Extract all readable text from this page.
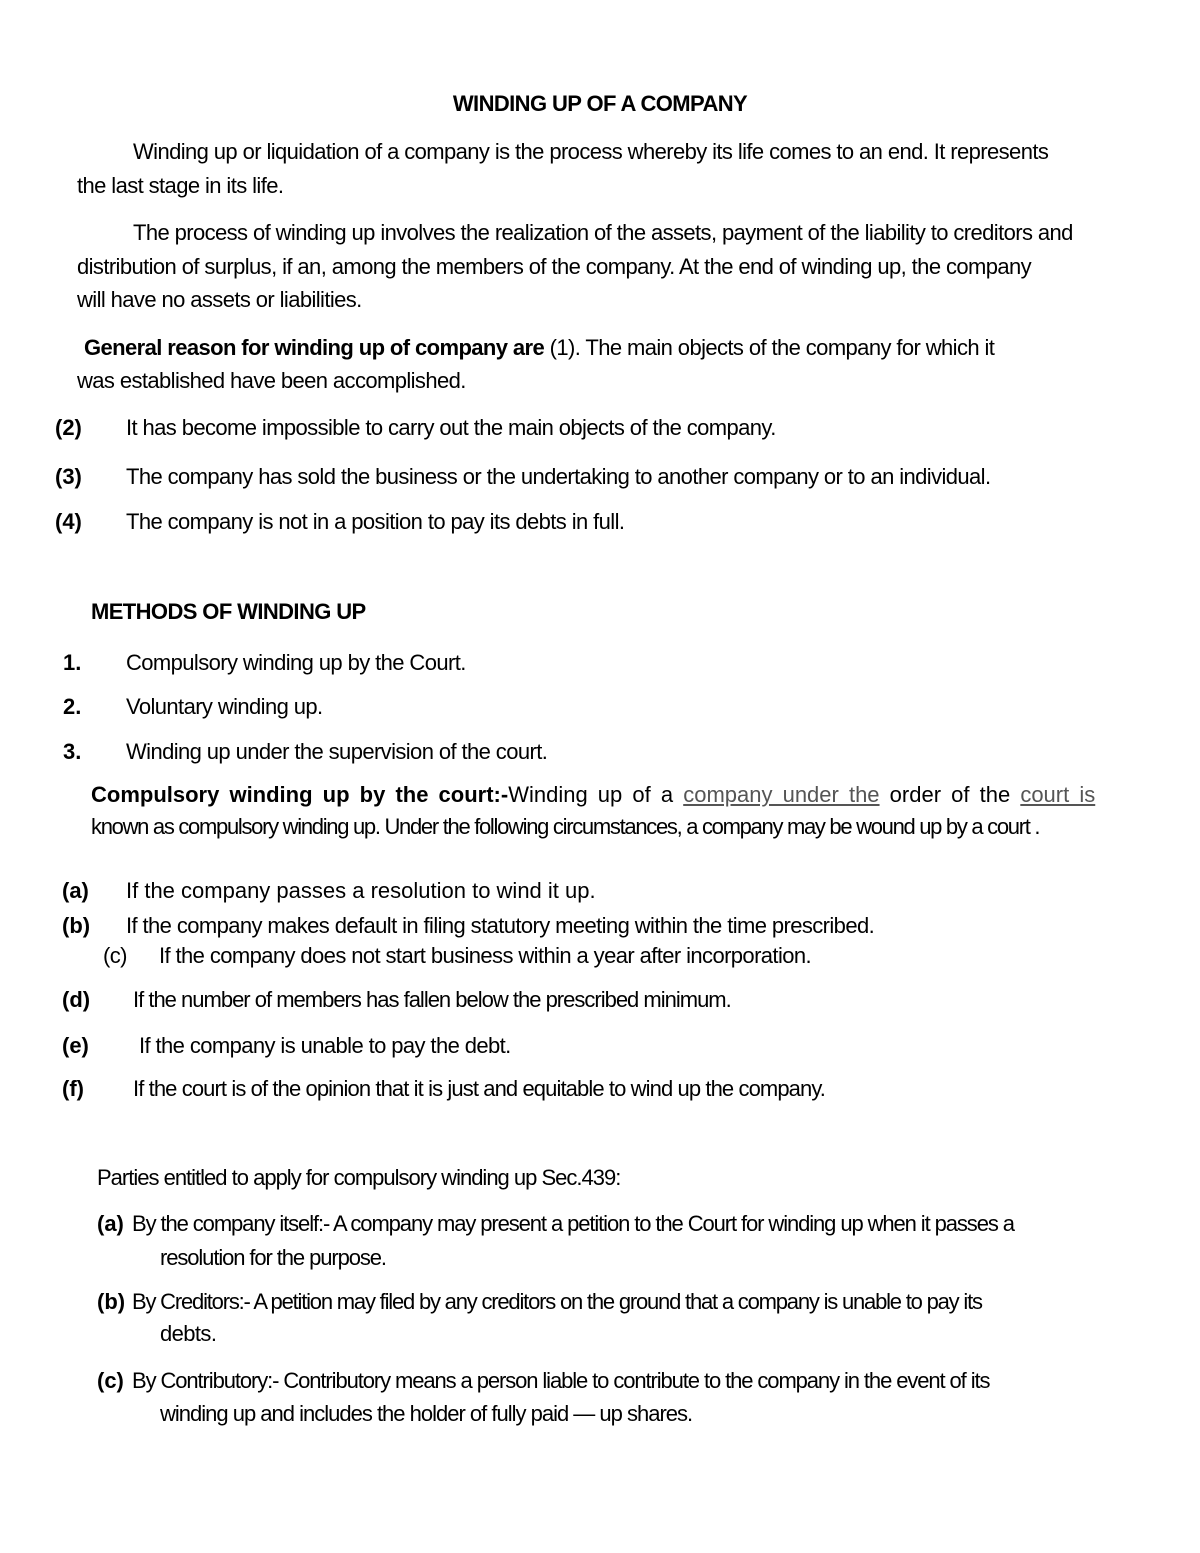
WINDING UP OF A COMPANY
Winding up or liquidation of a company is the process whereby its life comes to an end. It represents
the last stage in its life.
The process of winding up involves the realization of the assets, payment of the liability to creditors and
distribution of surplus, if an, among the members of the company. At the end of winding up, the company
will have no assets or liabilities.
General reason for winding up of company are (1). The main objects of the company for which it
was established have been accomplished.
(2) It has become impossible to carry out the main objects of the company.
(3) The company has sold the business or the undertaking to another company or to an individual.
(4) The company is not in a position to pay its debts in full.
METHODS OF WINDING UP
1. Compulsory winding up by the Court.
2. Voluntary winding up.
3. Winding up under the supervision of the court.
Compulsory winding up by the court:-Winding up of a company under the order of the court is
known as compulsory winding up. Under the following circumstances, a company may be wound up by a court .
(a) If the company passes a resolution to wind it up.
(b) If the company makes default in filing statutory meeting within the time prescribed.
(c) If the company does not start business within a year after incorporation.
(d) If the number of members has fallen below the prescribed minimum.
(e) If the company is unable to pay the debt.
(f) If the court is of the opinion that it is just and equitable to wind up the company.
Parties entitled to apply for compulsory winding up Sec.439:
(a) By the company itself:- A company may present a petition to the Court for winding up when it passes a
resolution for the purpose.
(b) By Creditors:- A petition may filed by any creditors on the ground that a company is unable to pay its
debts.
(c) By Contributory:- Contributory means a person liable to contribute to the company in the event of its
winding up and includes the holder of fully paid — up shares.
